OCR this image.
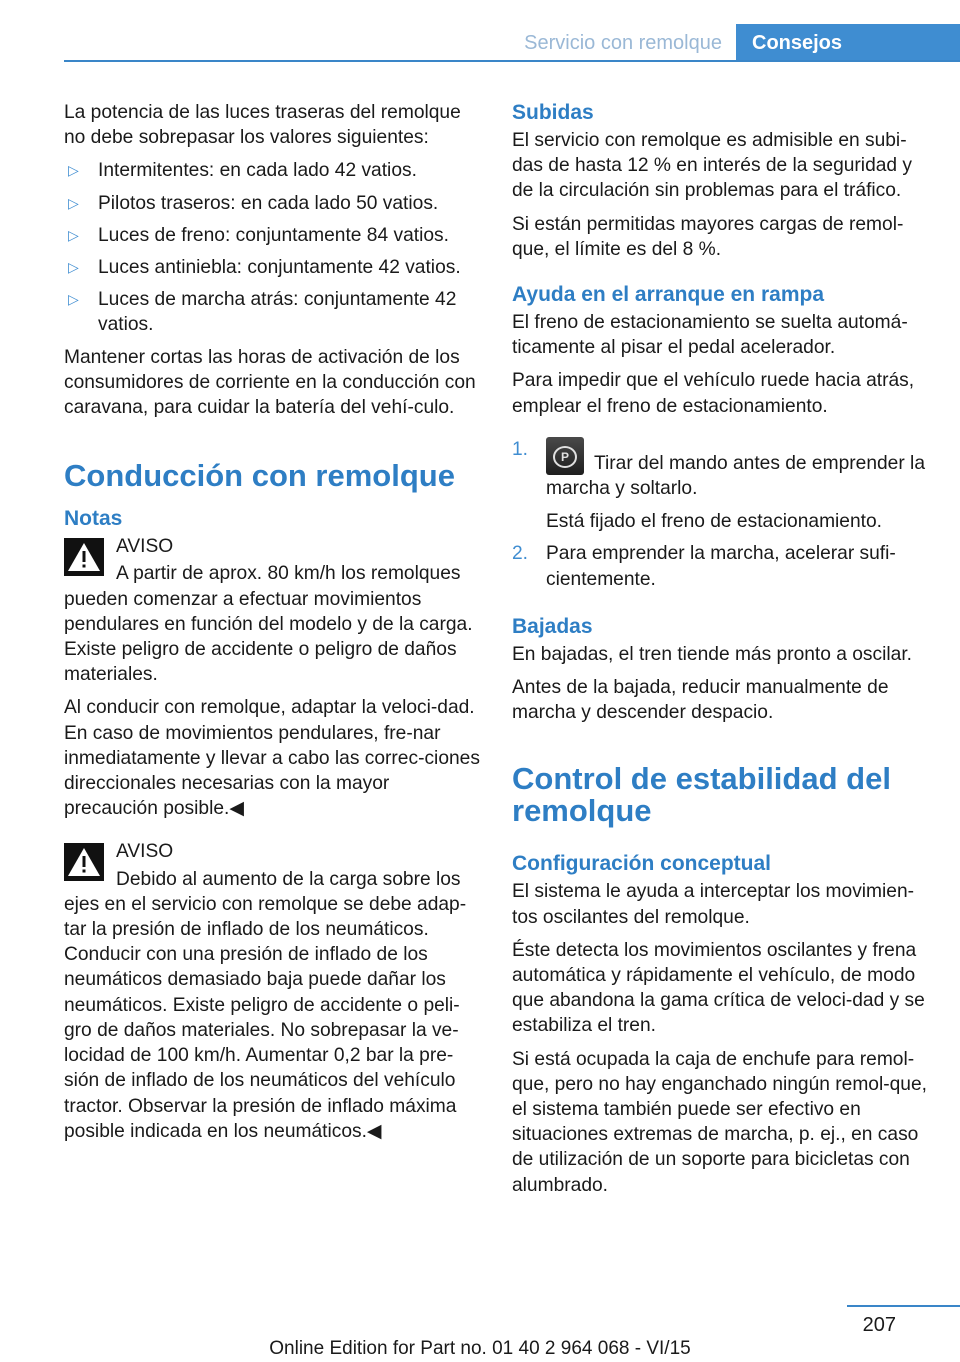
Servicio con remolque	Consejos

La potencia de las luces traseras del remolque no debe sobrepasar los valores siguientes:

▷ Intermitentes: en cada lado 42 vatios.
▷ Pilotos traseros: en cada lado 50 vatios.
▷ Luces de freno: conjuntamente 84 vatios.
▷ Luces antiniebla: conjuntamente 42 vatios.
▷ Luces de marcha atrás: conjuntamente 42 vatios.

Mantener cortas las horas de activación de los consumidores de corriente en la conducción con caravana, para cuidar la batería del vehí-culo.

Conducción con remolque
Notas

AVISO

A partir de aprox. 80 km/h los remolques

pueden comenzar a efectuar movimientos pendulares en función del modelo y de la carga. Existe peligro de accidente o peligro de daños materiales.

Al conducir con remolque, adaptar la veloci-dad. En caso de movimientos pendulares, fre-nar inmediatamente y llevar a cabo las correc-ciones direccionales necesarias con la mayor precaución posible.◀

AVISO

Debido al aumento de la carga sobre los

ejes en el servicio con remolque se debe adap-tar la presión de inflado de los neumáticos. Conducir con una presión de inflado de los neumáticos demasiado baja puede dañar los neumáticos. Existe peligro de accidente o peli-gro de daños materiales. No sobrepasar la ve-locidad de 100 km/h. Aumentar 0,2 bar la pre-sión de inflado de los neumáticos del vehículo tractor. Observar la presión de inflado máxima posible indicada en los neumáticos.◀

Subidas

El servicio con remolque es admisible en subi-das de hasta 12 % en interés de la seguridad y de la circulación sin problemas para el tráfico.

Si están permitidas mayores cargas de remol-que, el límite es del 8 %.

Ayuda en el arranque en rampa

El freno de estacionamiento se suelta automá-ticamente al pisar el pedal acelerador.

Para impedir que el vehículo ruede hacia atrás, emplear el freno de estacionamiento.

1.	P	Tirar del mando antes de emprender la marcha y soltarlo.

Está fijado el freno de estacionamiento.

2. Para emprender la marcha, acelerar sufi-cientemente.
Bajadas

En bajadas, el tren tiende más pronto a oscilar.

Antes de la bajada, reducir manualmente de marcha y descender despacio.

Control de estabilidad del remolque
Configuración conceptual

El sistema le ayuda a interceptar los movimien-tos oscilantes del remolque.

Éste detecta los movimientos oscilantes y frena automática y rápidamente el vehículo, de modo que abandona la gama crítica de veloci-dad y se estabiliza el tren.

Si está ocupada la caja de enchufe para remol-que, pero no hay enganchado ningún remol-que, el sistema también puede ser efectivo en situaciones extremas de marcha, p. ej., en caso de utilización de un soporte para bicicletas con alumbrado.

207
Online Edition for Part no. 01 40 2 964 068 - VI/15
